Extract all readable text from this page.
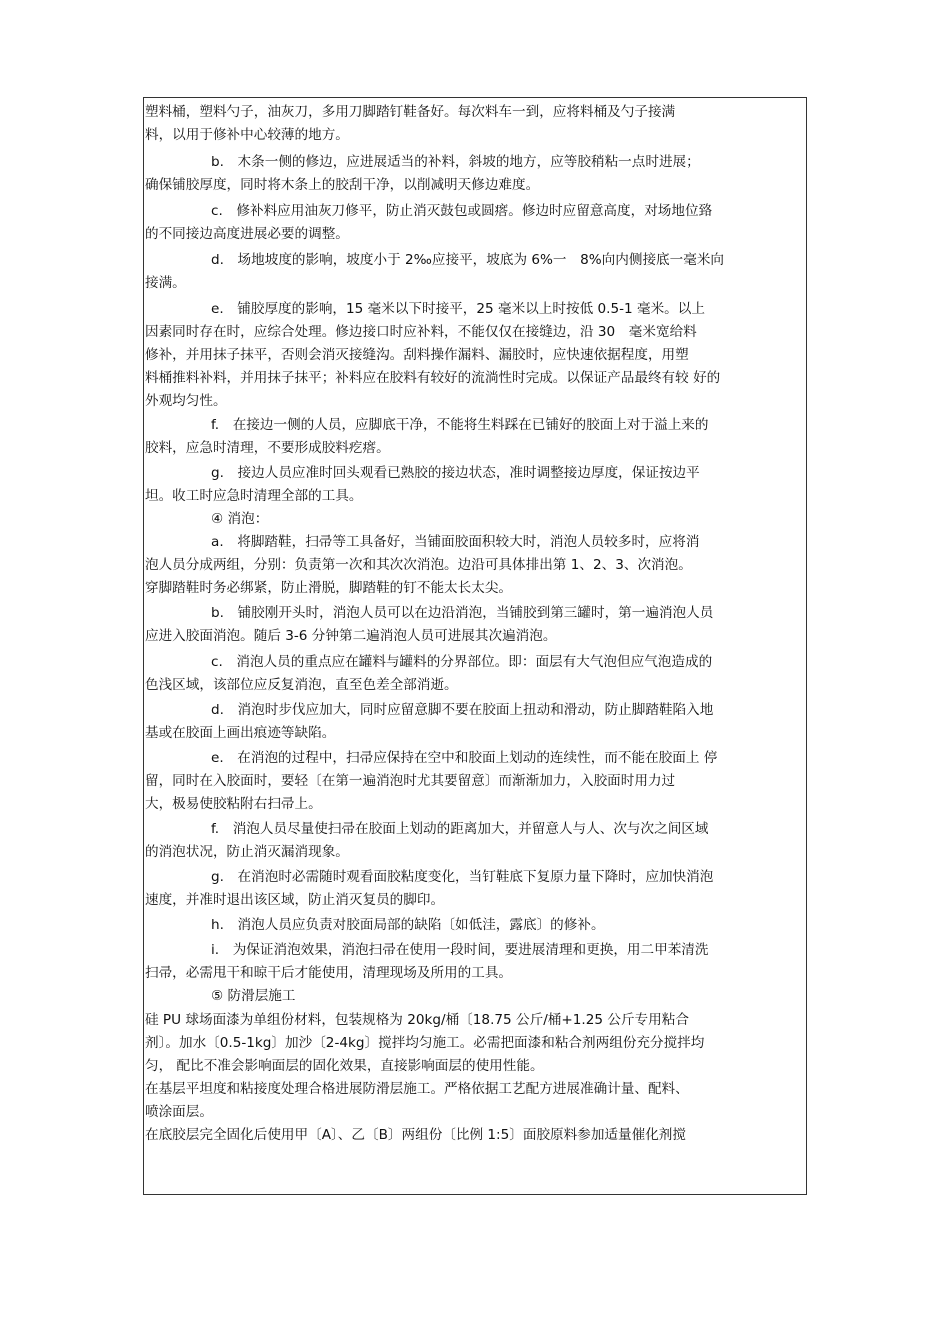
塑料桶，塑料勺子，油灰刀，多用刀脚踏钉鞋备好。每次料车一到，应将料桶及勺子接满
料，以用于修补中心较薄的地方。
b.　木条一侧的修边，应进展适当的补料，斜坡的地方，应等胶稍粘一点时进展；
确保铺胶厚度，同时将木条上的胶刮干净，以削减明天修边难度。
c.　修补料应用油灰刀修平，防止消灭鼓包或圆瘩。修边时应留意高度，对场地位臵
的不同接边高度进展必要的调整。
d.　场地坡度的影响，坡度小于 2‰应接平，坡底为 6%一　8%向内侧接底一毫米向
接满。
e.　铺胶厚度的影响，15 毫米以下时接平，25 毫米以上时按低 0.5-1 毫米。以上
因素同时存在时，应综合处理。修边接口时应补料，不能仅仅在接缝边，沿 30　毫米宽给料
修补，并用抹子抹平，否则会消灭接缝沟。刮料操作漏料、漏胶时，应快速依据程度，用塑
料桶推料补料，并用抹子抹平；补料应在胶料有较好的流淌性时完成。以保证产品最终有较 好的
外观均匀性。
f.　在接边一侧的人员，应脚底干净，不能将生料踩在已铺好的胶面上对于溢上来的
胶料，应急时清理，不要形成胶料疙瘩。
g.　接边人员应准时回头观看已熟胶的接边状态，准时调整接边厚度，保证按边平
坦。收工时应急时清理全部的工具。
④ 消泡：
a.　将脚踏鞋，扫帚等工具备好，当铺面胶面积较大时，消泡人员较多时，应将消
泡人员分成两组，分别：负责第一次和其次次消泡。边沿可具体排出第 1、2、3、次消泡。
穿脚踏鞋时务必绑紧，防止滑脱，脚踏鞋的钉不能太长太尖。
b.　铺胶刚开头时，消泡人员可以在边沿消泡，当铺胶到第三罐时，第一遍消泡人员
应进入胶面消泡。随后 3-6 分钟第二遍消泡人员可进展其次遍消泡。
c.　消泡人员的重点应在罐料与罐料的分界部位。即：面层有大气泡但应气泡造成的
色浅区域，该部位应反复消泡，直至色差全部消逝。
d.　消泡时步伐应加大，同时应留意脚不要在胶面上扭动和滑动，防止脚踏鞋陷入地
基或在胶面上画出痕迹等缺陷。
e.　在消泡的过程中，扫帚应保持在空中和胶面上划动的连续性，而不能在胶面上 停
留，同时在入胶面时，要轻〔在第一遍消泡时尤其要留意〕而渐渐加力，入胶面时用力过
大，极易使胶粘附右扫帚上。
f.　消泡人员尽量使扫帚在胶面上划动的距离加大，并留意人与人、次与次之间区域
的消泡状况，防止消灭漏消现象。
g.　在消泡时必需随时观看面胶粘度变化，当钉鞋底下复原力量下降时，应加快消泡
速度，并准时退出该区域，防止消灭复员的脚印。
h.　消泡人员应负责对胶面局部的缺陷〔如低洼，露底〕的修补。
i.　为保证消泡效果，消泡扫帚在使用一段时间，要进展清理和更换，用二甲苯清洗
扫帚，必需甩干和晾干后才能使用，清理现场及所用的工具。
⑤ 防滑层施工
硅 PU 球场面漆为单组份材料，包装规格为 20kg/桶〔18.75 公斤/桶+1.25 公斤专用粘合
剂〕。加水〔0.5-1kg〕加沙〔2-4kg〕搅拌均匀施工。必需把面漆和粘合剂两组份充分搅拌均
匀， 配比不准会影响面层的固化效果，直接影响面层的使用性能。
在基层平坦度和粘接度处理合格进展防滑层施工。严格依据工艺配方进展准确计量、配料、
喷涂面层。
在底胶层完全固化后使用甲〔A〕、乙〔B〕两组份〔比例 1:5〕面胶原料参加适量催化剂搅
